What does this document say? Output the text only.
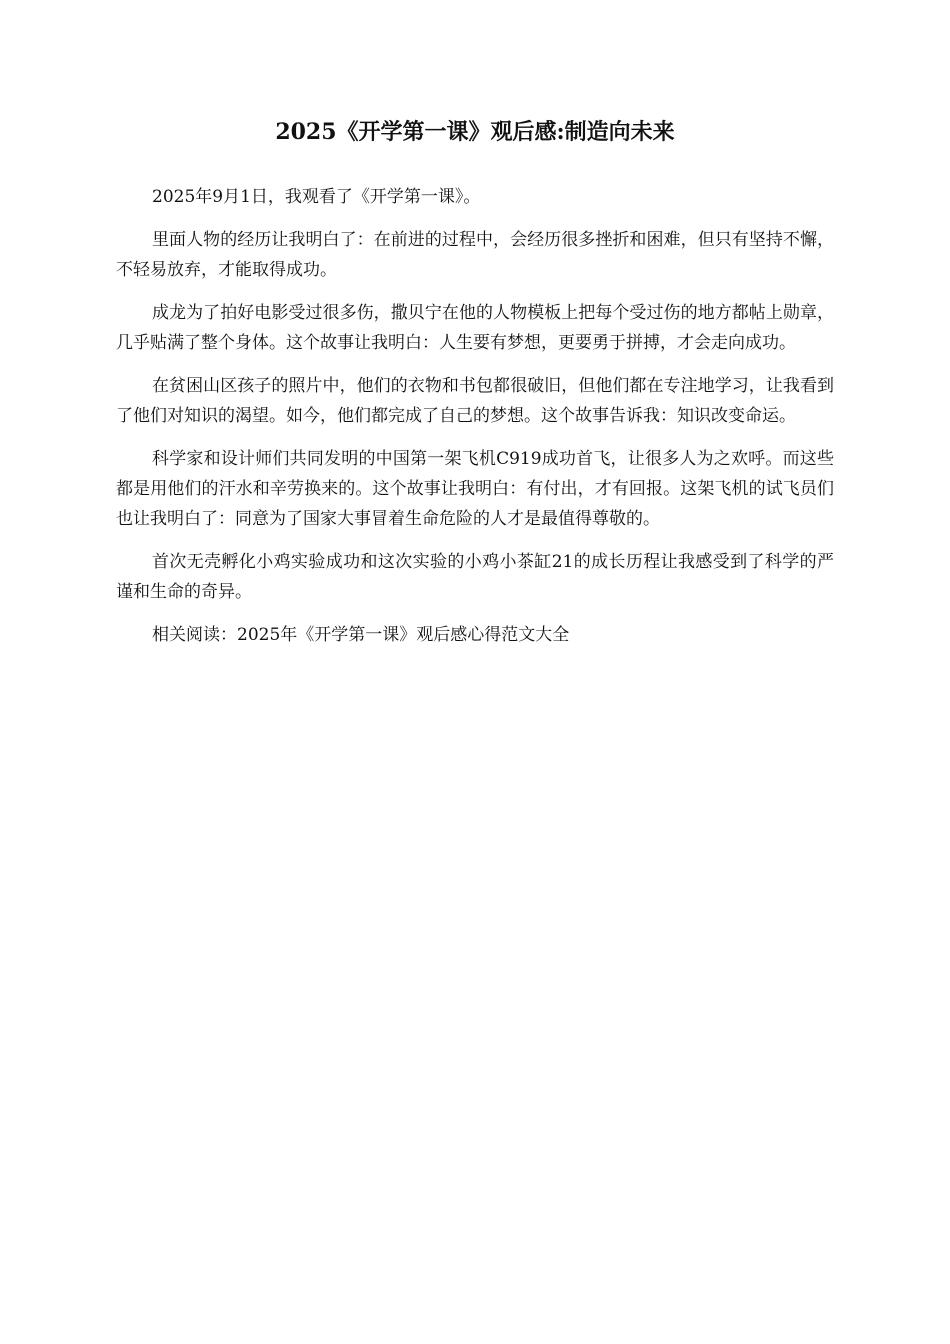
2025《开学第一课》观后感:制造向未来

2025年9月1日，我观看了《开学第一课》。

里面人物的经历让我明白了：在前进的过程中，会经历很多挫折和困难，但只有坚持不懈，不轻易放弃，才能取得成功。

成龙为了拍好电影受过很多伤，撒贝宁在他的人物模板上把每个受过伤的地方都帖上勋章，几乎贴满了整个身体。这个故事让我明白：人生要有梦想，更要勇于拼搏，才会走向成功。

在贫困山区孩子的照片中，他们的衣物和书包都很破旧，但他们都在专注地学习，让我看到了他们对知识的渴望。如今，他们都完成了自己的梦想。这个故事告诉我：知识改变命运。

科学家和设计师们共同发明的中国第一架飞机C919成功首飞，让很多人为之欢呼。而这些都是用他们的汗水和辛劳换来的。这个故事让我明白：有付出，才有回报。这架飞机的试飞员们也让我明白了：同意为了国家大事冒着生命危险的人才是最值得尊敬的。

首次无壳孵化小鸡实验成功和这次实验的小鸡小茶缸21的成长历程让我感受到了科学的严谨和生命的奇异。

相关阅读：2025年《开学第一课》观后感心得范文大全
